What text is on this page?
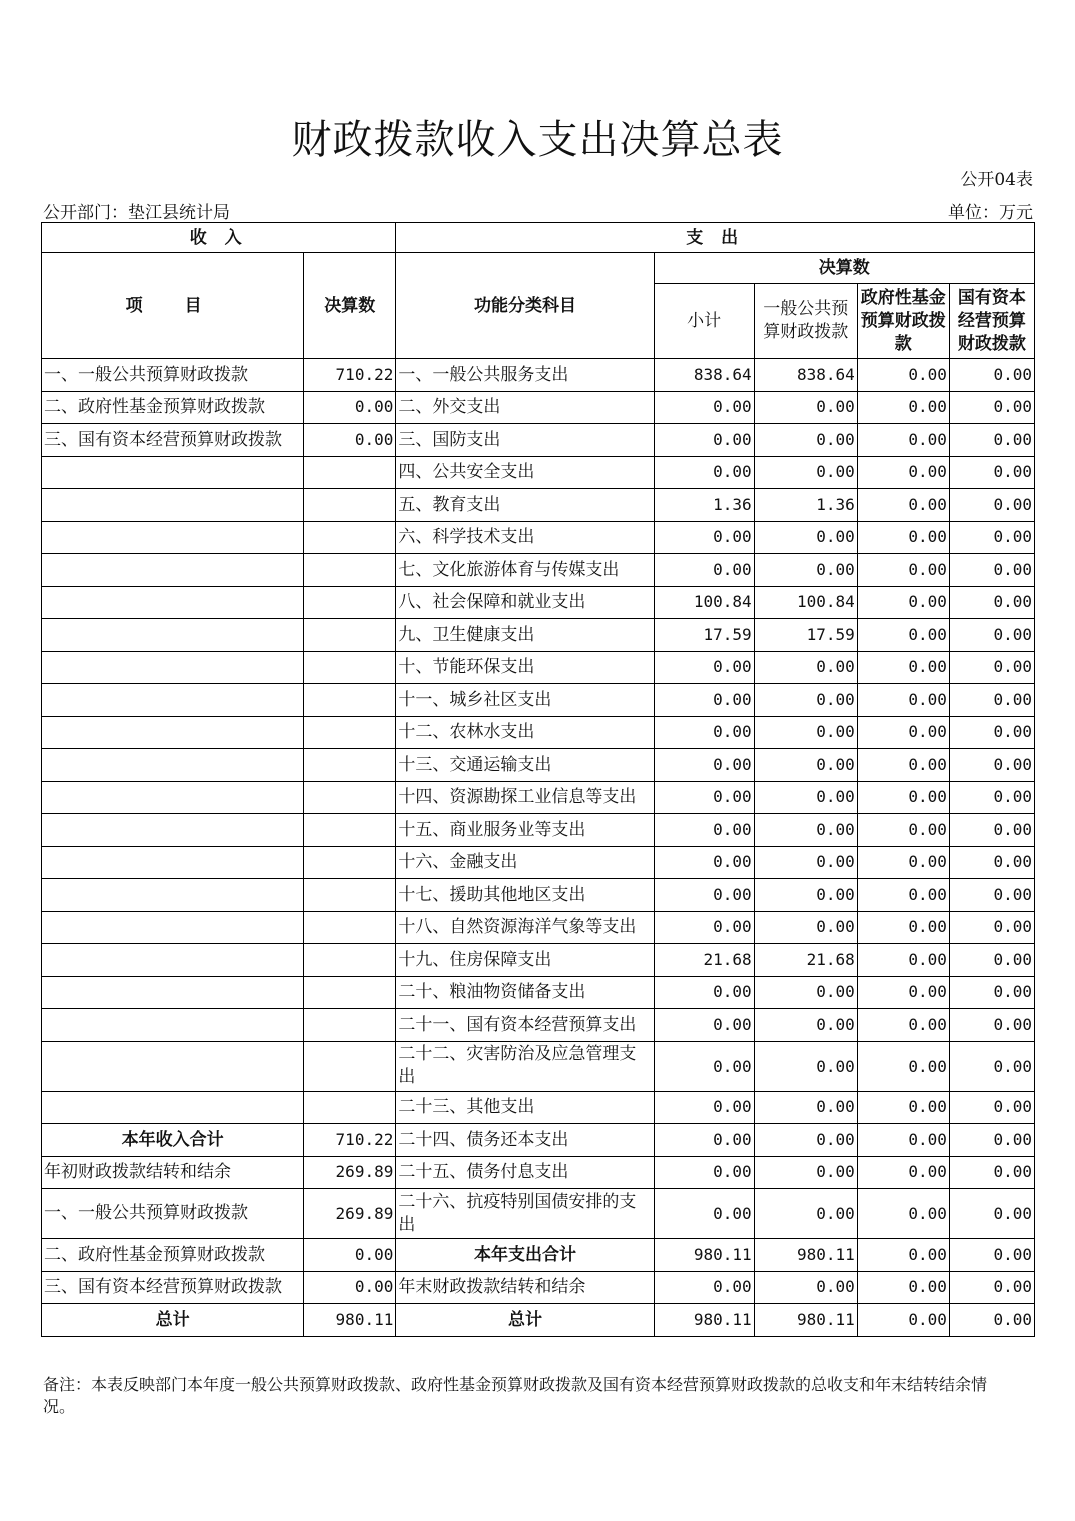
财政拨款收入支出决算总表
公开04表
公开部门：垫江县统计局	单位：万元
收 入		支 出				
项 目	决算数	功能分类科目	决算数			
			小计	一般公共预算财政拨款	政府性基金预算财政拨款	国有资本经营预算财政拨款
一、一般公共预算财政拨款	710.22	一、一般公共服务支出	838.64	838.64	0.00	0.00
二、政府性基金预算财政拨款	0.00	二、外交支出	0.00	0.00	0.00	0.00
三、国有资本经营预算财政拨款	0.00	三、国防支出	0.00	0.00	0.00	0.00
		四、公共安全支出	0.00	0.00	0.00	0.00
		五、教育支出	1.36	1.36	0.00	0.00
		六、科学技术支出	0.00	0.00	0.00	0.00
		七、文化旅游体育与传媒支出	0.00	0.00	0.00	0.00
		八、社会保障和就业支出	100.84	100.84	0.00	0.00
		九、卫生健康支出	17.59	17.59	0.00	0.00
		十、节能环保支出	0.00	0.00	0.00	0.00
		十一、城乡社区支出	0.00	0.00	0.00	0.00
		十二、农林水支出	0.00	0.00	0.00	0.00
		十三、交通运输支出	0.00	0.00	0.00	0.00
		十四、资源勘探工业信息等支出	0.00	0.00	0.00	0.00
		十五、商业服务业等支出	0.00	0.00	0.00	0.00
		十六、金融支出	0.00	0.00	0.00	0.00
		十七、援助其他地区支出	0.00	0.00	0.00	0.00
		十八、自然资源海洋气象等支出	0.00	0.00	0.00	0.00
		十九、住房保障支出	21.68	21.68	0.00	0.00
		二十、粮油物资储备支出	0.00	0.00	0.00	0.00
		二十一、国有资本经营预算支出	0.00	0.00	0.00	0.00
		二十二、灾害防治及应急管理支出	0.00	0.00	0.00	0.00
		二十三、其他支出	0.00	0.00	0.00	0.00
本年收入合计	710.22	二十四、债务还本支出	0.00	0.00	0.00	0.00
年初财政拨款结转和结余	269.89	二十五、债务付息支出	0.00	0.00	0.00	0.00
一、一般公共预算财政拨款	269.89	二十六、抗疫特别国债安排的支出	0.00	0.00	0.00	0.00
二、政府性基金预算财政拨款	0.00	本年支出合计	980.11	980.11	0.00	0.00
三、国有资本经营预算财政拨款	0.00	年末财政拨款结转和结余	0.00	0.00	0.00	0.00
总计	980.11	总计	980.11	980.11	0.00	0.00
备注：本表反映部门本年度一般公共预算财政拨款、政府性基金预算财政拨款及国有资本经营预算财政拨款的总收支和年末结转结余情况。
